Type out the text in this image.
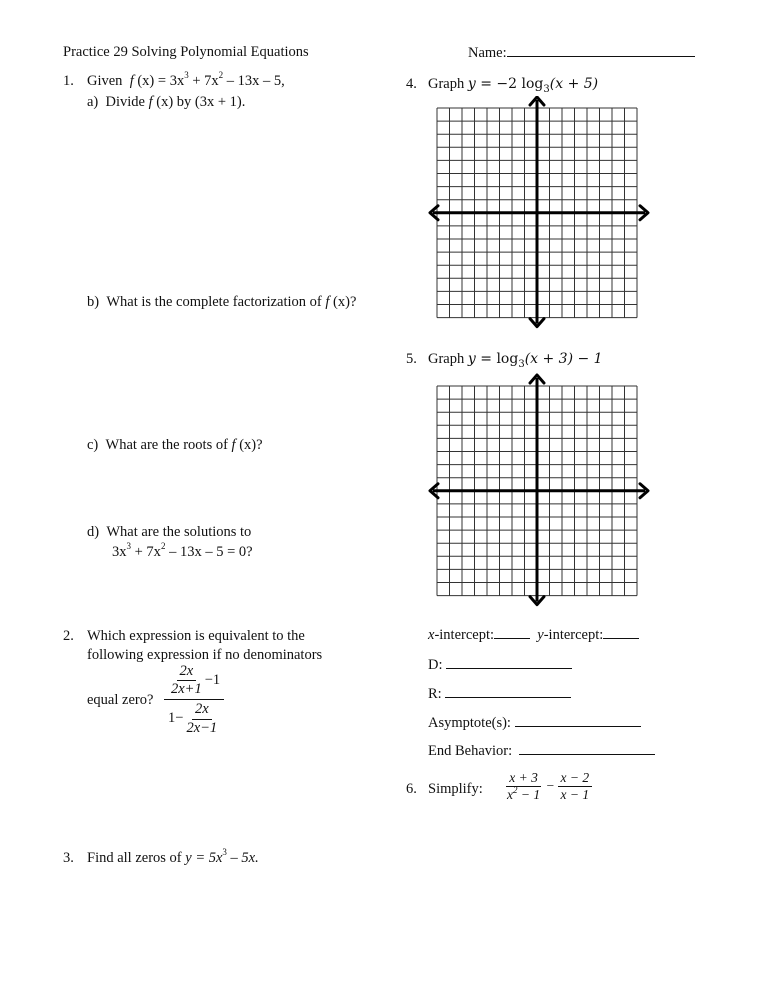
Practice 29 Solving Polynomial Equations	Name:
1. Given f $(x) = 3x^3 + 7x^2 - 13x - 5$,
a) Divide f (x) by (3x + 1).
b) What is the complete factorization of f (x)?
c) What are the roots of f (x)?
d) What are the solutions to
$3x^3 + 7x^2 - 13x - 5 = 0$?
2. Which expression is equivalent to the
following expression if no denominators
equal zero? $\frac{\frac{2x}{2x+1} -1}{1- \frac{2x}{2x-1}}$
3. Find all zeros of $y = 5x^3 - 5x$.
4. Graph y = −2 $\log_3(x + 5)$
5. Graph $y = \log_3(x + 3) - 1$
x-intercept:	y-intercept:
D:
R:
Asymptote(s):
End Behavior:
6. Simplify: $\frac{x + 3}{x^2 - 1} - \frac{x - 2}{x - 1}$
